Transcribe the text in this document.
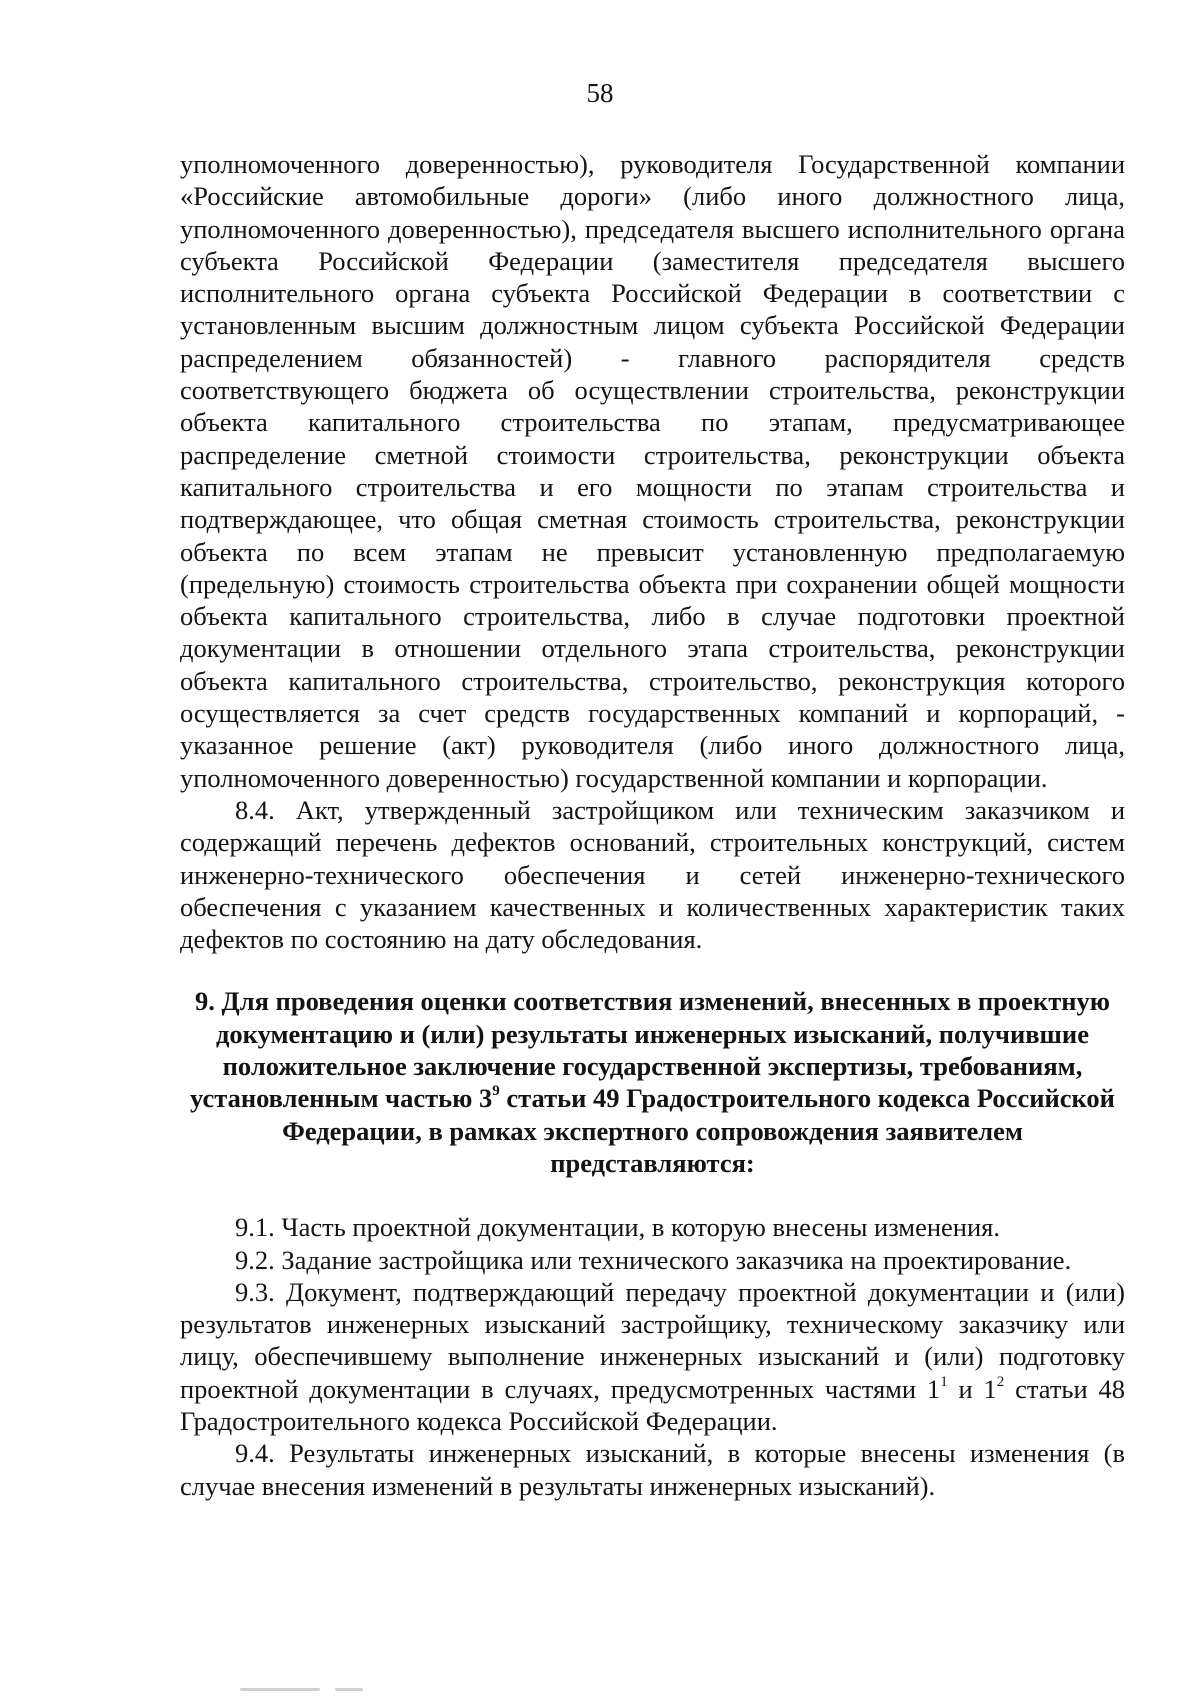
58

уполномоченного доверенностью), руководителя Государственной компании «Российские автомобильные дороги» (либо иного должностного лица, уполномоченного доверенностью), председателя высшего исполнительного органа субъекта Российской Федерации (заместителя председателя высшего исполнительного органа субъекта Российской Федерации в соответствии с установленным высшим должностным лицом субъекта Российской Федерации распределением обязанностей) - главного распорядителя средств соответствующего бюджета об осуществлении строительства, реконструкции объекта капитального строительства по этапам, предусматривающее распределение сметной стоимости строительства, реконструкции объекта капитального строительства и его мощности по этапам строительства и подтверждающее, что общая сметная стоимость строительства, реконструкции объекта по всем этапам не превысит установленную предполагаемую (предельную) стоимость строительства объекта при сохранении общей мощности объекта капитального строительства, либо в случае подготовки проектной документации в отношении отдельного этапа строительства, реконструкции объекта капитального строительства, строительство, реконструкция которого осуществляется за счет средств государственных компаний и корпораций, - указанное решение (акт) руководителя (либо иного должностного лица, уполномоченного доверенностью) государственной компании и корпорации.

8.4. Акт, утвержденный застройщиком или техническим заказчиком и содержащий перечень дефектов оснований, строительных конструкций, систем инженерно-технического обеспечения и сетей инженерно-технического обеспечения с указанием качественных и количественных характеристик таких дефектов по состоянию на дату обследования.

9. Для проведения оценки соответствия изменений, внесенных в проектную документацию и (или) результаты инженерных изысканий, получившие положительное заключение государственной экспертизы, требованиям, установленным частью $3^9$ статьи 49 Градостроительного кодекса Российской Федерации, в рамках экспертного сопровождения заявителем представляются:

9.1. Часть проектной документации, в которую внесены изменения.

9.2. Задание застройщика или технического заказчика на проектирование.

9.3. Документ, подтверждающий передачу проектной документации и (или) результатов инженерных изысканий застройщику, техническому заказчику или лицу, обеспечившему выполнение инженерных изысканий и (или) подготовку проектной документации в случаях, предусмотренных частями $1^1$ и $1^2$ статьи 48 Градостроительного кодекса Российской Федерации.

9.4. Результаты инженерных изысканий, в которые внесены изменения (в случае внесения изменений в результаты инженерных изысканий).
